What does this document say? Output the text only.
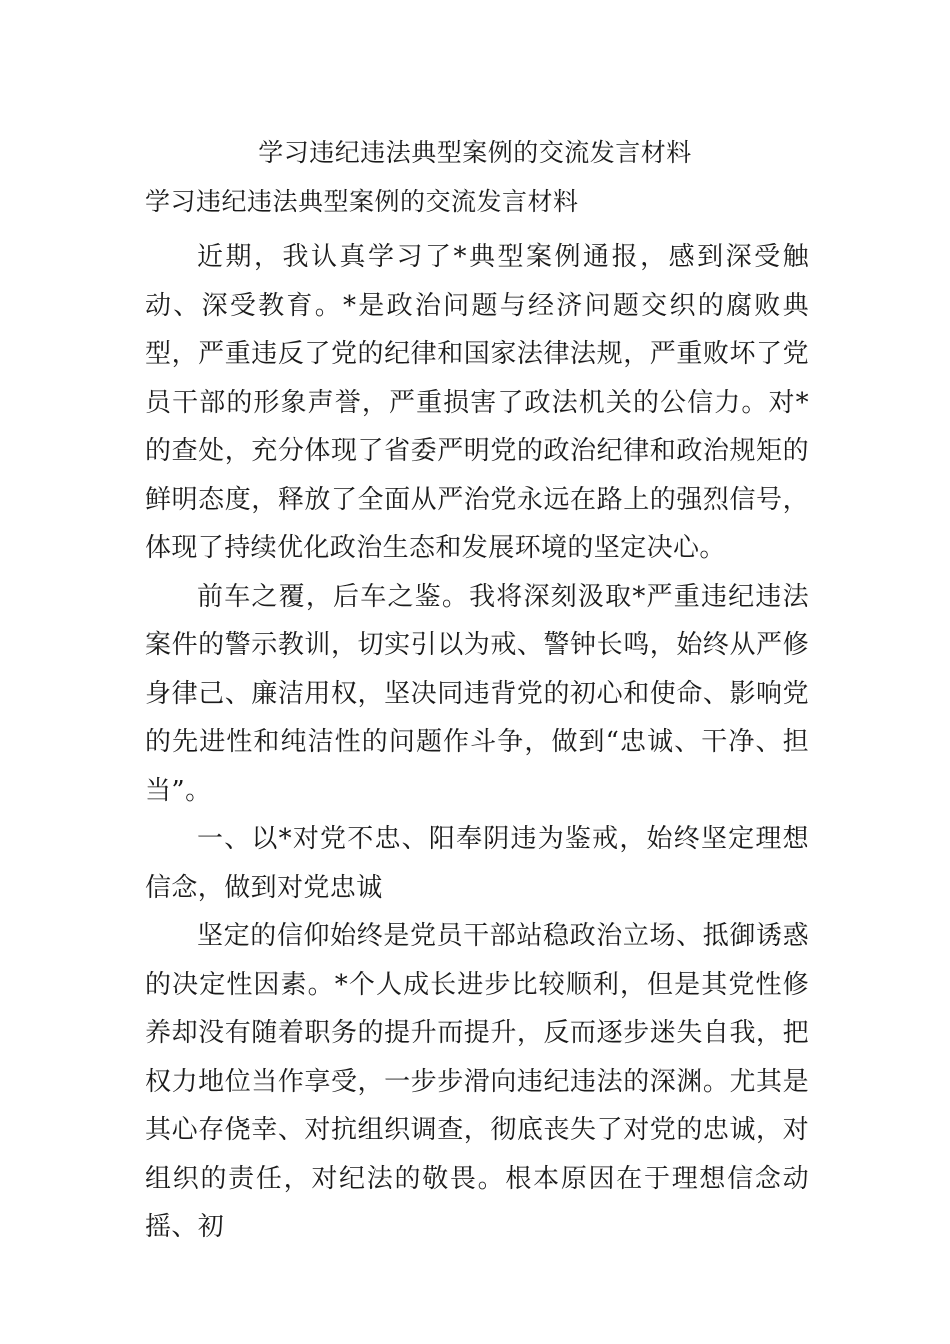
学习违纪违法典型案例的交流发言材料

学习违纪违法典型案例的交流发言材料

近期，我认真学习了*典型案例通报，感到深受触动、深受教育。*是政治问题与经济问题交织的腐败典型，严重违反了党的纪律和国家法律法规，严重败坏了党员干部的形象声誉，严重损害了政法机关的公信力。对*的查处，充分体现了省委严明党的政治纪律和政治规矩的鲜明态度，释放了全面从严治党永远在路上的强烈信号，体现了持续优化政治生态和发展环境的坚定决心。

前车之覆，后车之鉴。我将深刻汲取*严重违纪违法案件的警示教训，切实引以为戒、警钟长鸣，始终从严修身律己、廉洁用权，坚决同违背党的初心和使命、影响党的先进性和纯洁性的问题作斗争，做到“忠诚、干净、担当”。

一、以*对党不忠、阳奉阴违为鉴戒，始终坚定理想信念，做到对党忠诚

坚定的信仰始终是党员干部站稳政治立场、抵御诱惑的决定性因素。*个人成长进步比较顺利，但是其党性修养却没有随着职务的提升而提升，反而逐步迷失自我，把权力地位当作享受，一步步滑向违纪违法的深渊。尤其是其心存侥幸、对抗组织调查，彻底丧失了对党的忠诚，对组织的责任，对纪法的敬畏。根本原因在于理想信念动摇、初
